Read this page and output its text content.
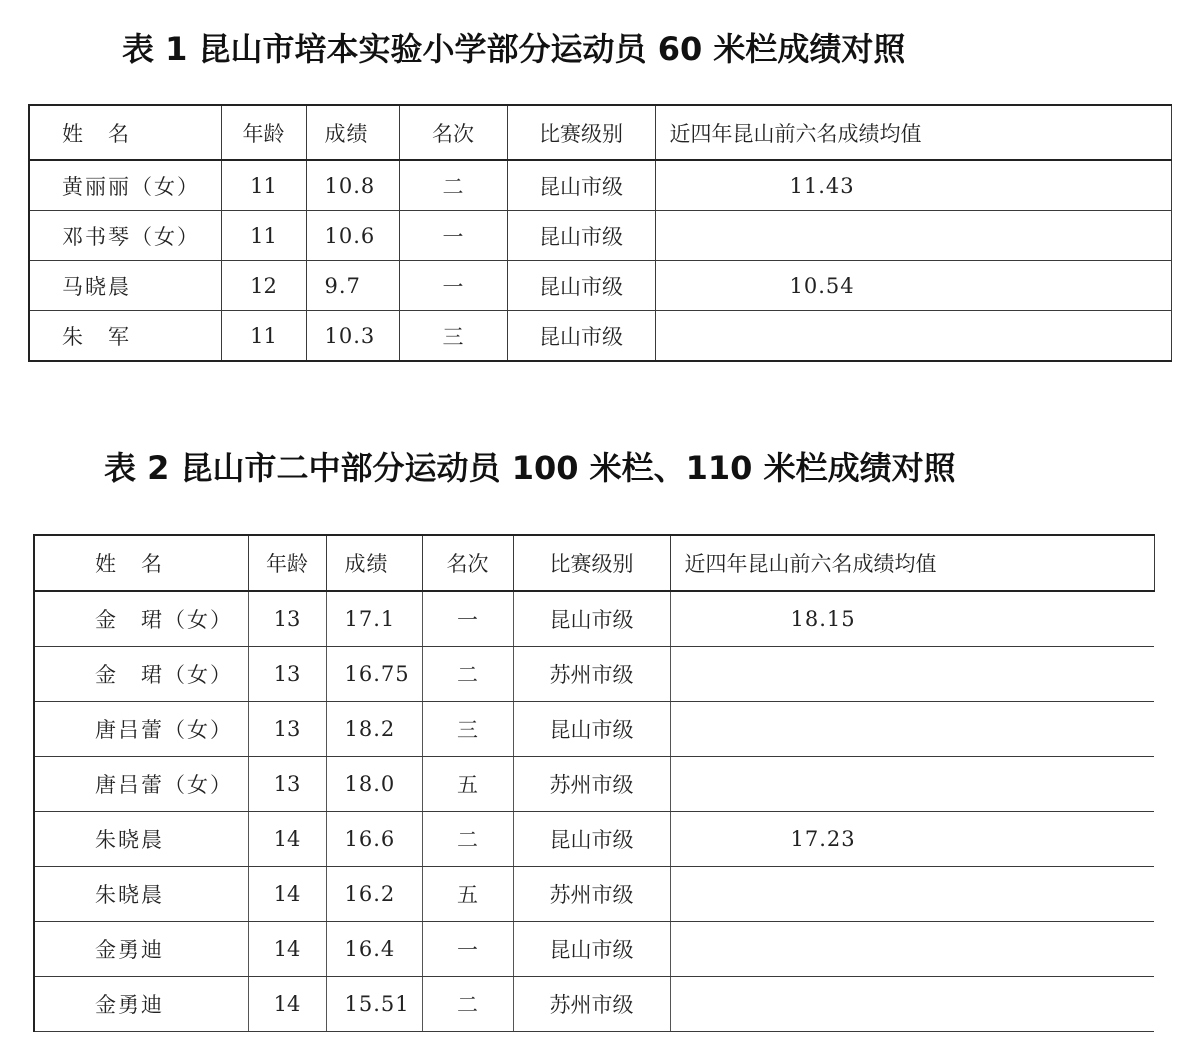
表 1 昆山市培本实验小学部分运动员 60 米栏成绩对照
姓　名	年龄	成绩	名次	比赛级别	近四年昆山前六名成绩均值
黄丽丽（女）	11	10.8	二	昆山市级	11.43
邓书琴（女）	11	10.6	一	昆山市级	
马晓晨	12	9.7	一	昆山市级	10.54
朱　军	11	10.3	三	昆山市级	
表 2 昆山市二中部分运动员 100 米栏、110 米栏成绩对照
姓　名	年龄	成绩	名次	比赛级别	近四年昆山前六名成绩均值
金　珺（女）	13	17.1	一	昆山市级	18.15
金　珺（女）	13	16.75	二	苏州市级	
唐吕蕾（女）	13	18.2	三	昆山市级	
唐吕蕾（女）	13	18.0	五	苏州市级	
朱晓晨	14	16.6	二	昆山市级	17.23
朱晓晨	14	16.2	五	苏州市级	
金勇迪	14	16.4	一	昆山市级	
金勇迪	14	15.51	二	苏州市级	
